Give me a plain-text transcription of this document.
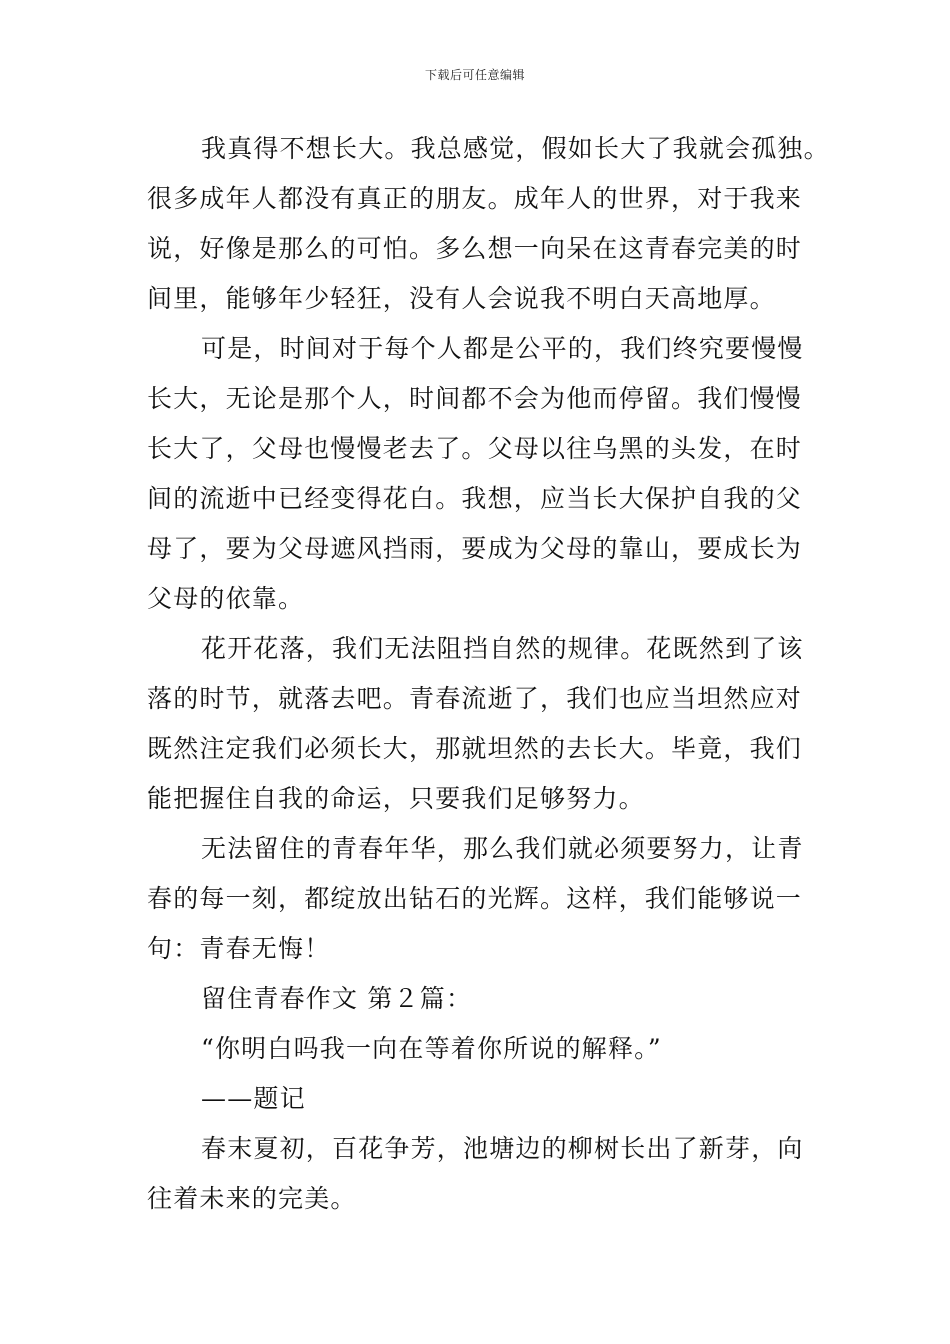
下载后可任意编辑
我真得不想长大。我总感觉，假如长大了我就会孤独。
很多成年人都没有真正的朋友。成年人的世界，对于我来
说，好像是那么的可怕。多么想一向呆在这青春完美的时
间里，能够年少轻狂，没有人会说我不明白天高地厚。
可是，时间对于每个人都是公平的，我们终究要慢慢
长大，无论是那个人，时间都不会为他而停留。我们慢慢
长大了，父母也慢慢老去了。父母以往乌黑的头发，在时
间的流逝中已经变得花白。我想，应当长大保护自我的父
母了，要为父母遮风挡雨，要成为父母的靠山，要成长为
父母的依靠。
花开花落，我们无法阻挡自然的规律。花既然到了该
落的时节，就落去吧。青春流逝了，我们也应当坦然应对
既然注定我们必须长大，那就坦然的去长大。毕竟，我们
能把握住自我的命运，只要我们足够努力。
无法留住的青春年华，那么我们就必须要努力，让青
春的每一刻，都绽放出钻石的光辉。这样，我们能够说一
句：青春无悔！
留住青春作文 第２篇：
“你明白吗我一向在等着你所说的解释。”
——题记
春末夏初，百花争芳，池塘边的柳树长出了新芽，向
往着未来的完美。
